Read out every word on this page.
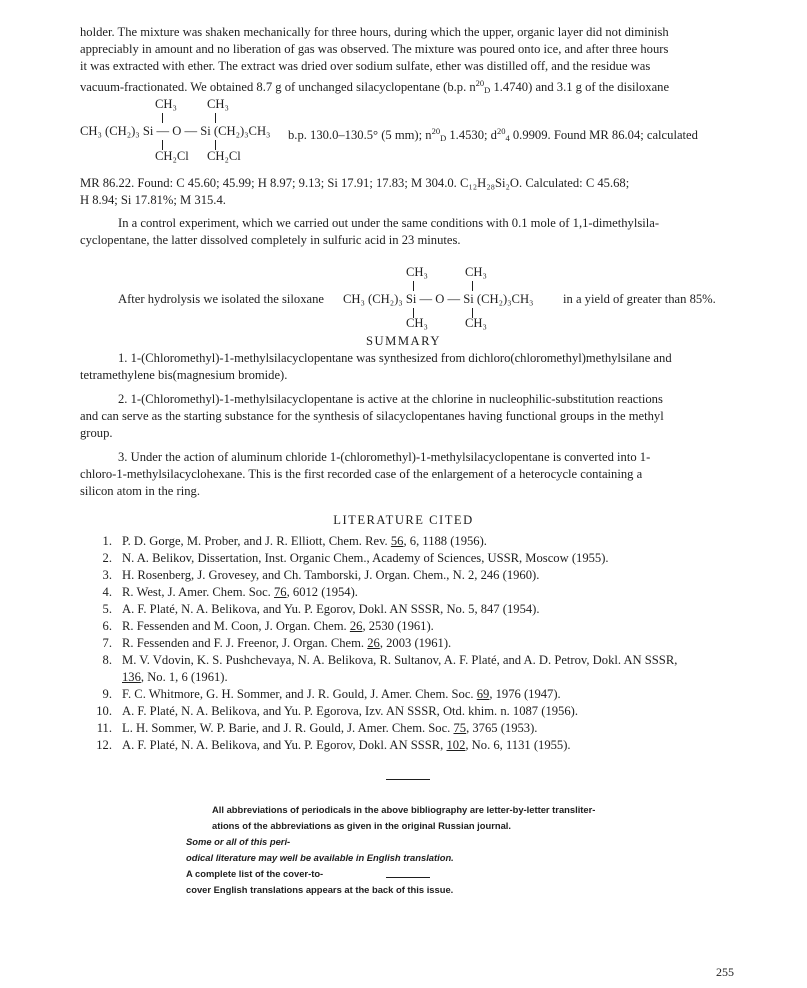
holder. The mixture was shaken mechanically for three hours, during which the upper, organic layer did not diminish
appreciably in amount and no liberation of gas was observed. The mixture was poured onto ice, and after three hours
it was extracted with ether. The extract was dried over sodium sulfate, ether was distilled off, and the residue was
vacuum-fractionated. We obtained 8.7 g of unchanged silacyclopentane (b.p. $n^{20}_D$ 1.4740) and 3.1 g of the disiloxane

CH₃ CH₃
CH₃ (CH₂)₃ Si — O — Si (CH₂)₃CH₃ b.p. 130.0–130.5° (5 mm); $n^{20}_D$ 1.4530; $d^{20}_4$ 0.9909. Found MR 86.04; calculated
CH₂Cl CH₂Cl

MR 86.22. Found: C 45.60; 45.99; H 8.97; 9.13; Si 17.91; 17.83; M 304.0. C₁₂H₂₈Si₂O. Calculated: C 45.68;
H 8.94; Si 17.81%; M 315.4.

In a control experiment, which we carried out under the same conditions with 0.1 mole of 1,1-dimethylsila-
cyclopentane, the latter dissolved completely in sulfuric acid in 23 minutes.

CH₃	CH₃
After hydrolysis we isolated the siloxane CH₃ (CH₂)₃ Si — O — Si (CH₂)₃CH₃ in a yield of greater than 85%.
CH₃	CH₃
SUMMARY

1. 1-(Chloromethyl)-1-methylsilacyclopentane was synthesized from dichloro(chloromethyl)methylsilane and
tetramethylene bis(magnesium bromide).

2. 1-(Chloromethyl)-1-methylsilacyclopentane is active at the chlorine in nucleophilic-substitution reactions
and can serve as the starting substance for the synthesis of silacyclopentanes having functional groups in the methyl
group.

3. Under the action of aluminum chloride 1-(chloromethyl)-1-methylsilacyclopentane is converted into 1-
chloro-1-methylsilacyclohexane. This is the first recorded case of the enlargement of a heterocycle containing a
silicon atom in the ring.

LITERATURE CITED
1. P. D. Gorge, M. Prober, and J. R. Elliott, Chem. Rev. 56, 6, 1188 (1956).
2. N. A. Belikov, Dissertation, Inst. Organic Chem., Academy of Sciences, USSR, Moscow (1955).
3. H. Rosenberg, J. Grovesey, and Ch. Tamborski, J. Organ. Chem., N. 2, 246 (1960).
4. R. West, J. Amer. Chem. Soc. 76, 6012 (1954).
5. A. F. Platé, N. A. Belikova, and Yu. P. Egorov, Dokl. AN SSSR, No. 5, 847 (1954).
6. R. Fessenden and M. Coon, J. Organ. Chem. 26, 2530 (1961).
7. R. Fessenden and F. J. Freenor, J. Organ. Chem. 26, 2003 (1961).
8. M. V. Vdovin, K. S. Pushchevaya, N. A. Belikova, R. Sultanov, A. F. Platé, and A. D. Petrov, Dokl. AN SSSR,
136, No. 1, 6 (1961).
9. F. C. Whitmore, G. H. Sommer, and J. R. Gould, J. Amer. Chem. Soc. 69, 1976 (1947).
10. A. F. Platé, N. A. Belikova, and Yu. P. Egorova, Izv. AN SSSR, Otd. khim. n. 1087 (1956).
11. L. H. Sommer, W. P. Barie, and J. R. Gould, J. Amer. Chem. Soc. 75, 3765 (1953).
12. A. F. Platé, N. A. Belikova, and Yu. P. Egorov, Dokl. AN SSSR, 102, No. 6, 1131 (1955).

All abbreviations of periodicals in the above bibliography are letter-by-letter transliter-
ations of the abbreviations as given in the original Russian journal.
Some or all of this peri-
odical literature may well be available in English translation.
A complete list of the cover-to-
cover English translations appears at the back of this issue.

255
